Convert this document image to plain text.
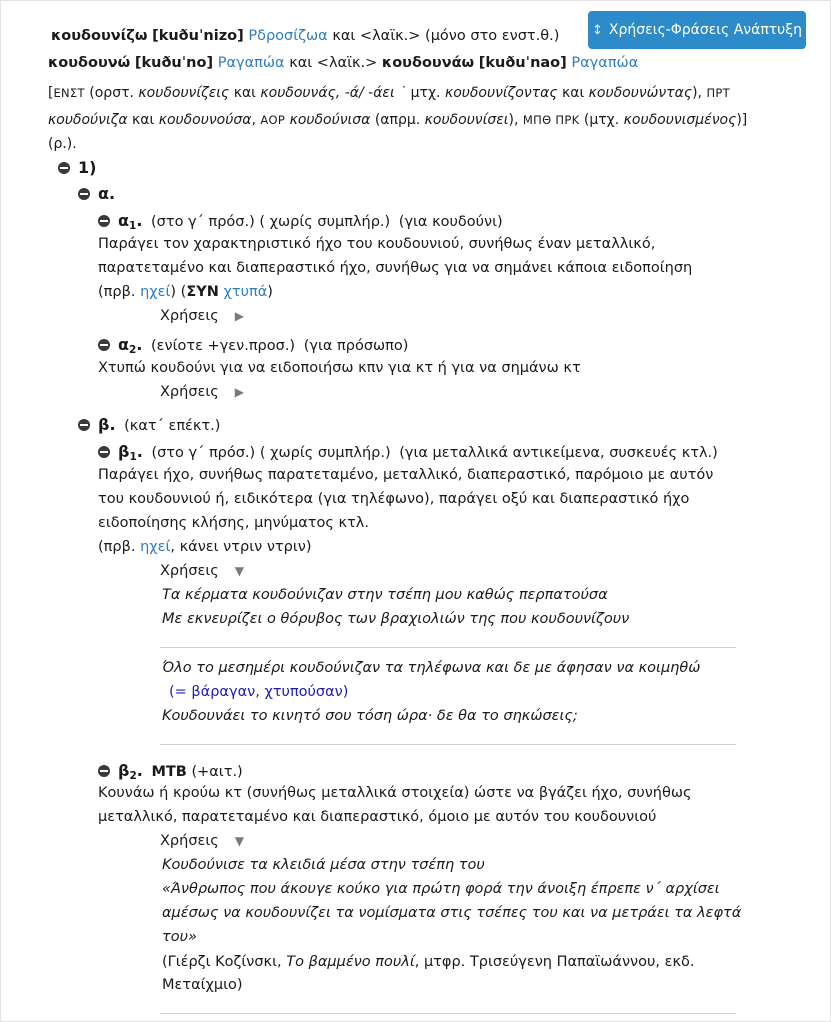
↕ Χρήσεις-Φράσεις Ανάπτυξη
κουδουνίζω [kuðuˈnizo] Ρδροσίζωα και <λαϊκ.> (μόνο στο ενστ.θ.)
κουδουνώ [kuðuˈno] Ραγαπώα και <λαϊκ.> κουδουνάω [kuðuˈnao] Ραγαπώα
[ΕΝΣΤ (ορστ. κουδουνίζεις και κουδουνάς, -ά/ -άει ˙ μτχ. κουδουνίζοντας και κουδουνώντας), ΠΡΤ
κουδούνιζα και κουδουνούσα, ΑΟΡ κουδούνισα (απρμ. κουδουνίσει), ΜΠΘ ΠΡΚ (μτχ. κουδουνισμένος)]
(ρ.).
1)
α.
$\alpha_1$. (στο γ΄ πρόσ.) ( χωρίς συμπλήρ.) (για κουδούνι)
Παράγει τον χαρακτηριστικό ήχο του κουδουνιού, συνήθως έναν μεταλλικό,
παρατεταμένο και διαπεραστικό ήχο, συνήθως για να σημάνει κάποια ειδοποίηση
(πρβ. ηχεί) (ΣΥΝ χτυπά)
Χρήσεις ▶
$\alpha_2$. (ενίοτε +γεν.προσ.) (για πρόσωπο)
Χτυπώ κουδούνι για να ειδοποιήσω κπν για κτ ή για να σημάνω κτ
Χρήσεις ▶
β. (κατ΄ επέκτ.)
$\beta_1$. (στο γ΄ πρόσ.) ( χωρίς συμπλήρ.) (για μεταλλικά αντικείμενα, συσκευές κτλ.)
Παράγει ήχο, συνήθως παρατεταμένο, μεταλλικό, διαπεραστικό, παρόμοιο με αυτόν
του κουδουνιού ή, ειδικότερα (για τηλέφωνο), παράγει οξύ και διαπεραστικό ήχο
ειδοποίησης κλήσης, μηνύματος κτλ.
(πρβ. ηχεί, κάνει ντριν ντριν)
Χρήσεις ▼
Τα κέρματα κουδούνιζαν στην τσέπη μου καθώς περπατούσα
Με εκνευρίζει ο θόρυβος των βραχιολιών της που κουδουνίζουν
Όλο το μεσημέρι κουδούνιζαν τα τηλέφωνα και δε με άφησαν να κοιμηθώ
(= βάραγαν, χτυπούσαν)
Κουδουνάει το κινητό σου τόση ώρα· δε θα το σηκώσεις;
$\beta_2$. ΜΤΒ (+αιτ.)
Κουνάω ή κρούω κτ (συνήθως μεταλλικά στοιχεία) ώστε να βγάζει ήχο, συνήθως
μεταλλικό, παρατεταμένο και διαπεραστικό, όμοιο με αυτόν του κουδουνιού
Χρήσεις ▼
Κουδούνισε τα κλειδιά μέσα στην τσέπη του
«Άνθρωπος που άκουγε κούκο για πρώτη φορά την άνοιξη έπρεπε ν΄ αρχίσει
αμέσως να κουδουνίζει τα νομίσματα στις τσέπες του και να μετράει τα λεφτά
του»
(Γιέρζι Κοζίνσκι, Το βαμμένο πουλί, μτφρ. Τρισεύγενη Παπαϊωάννου, εκδ.
Μεταίχμιο)
